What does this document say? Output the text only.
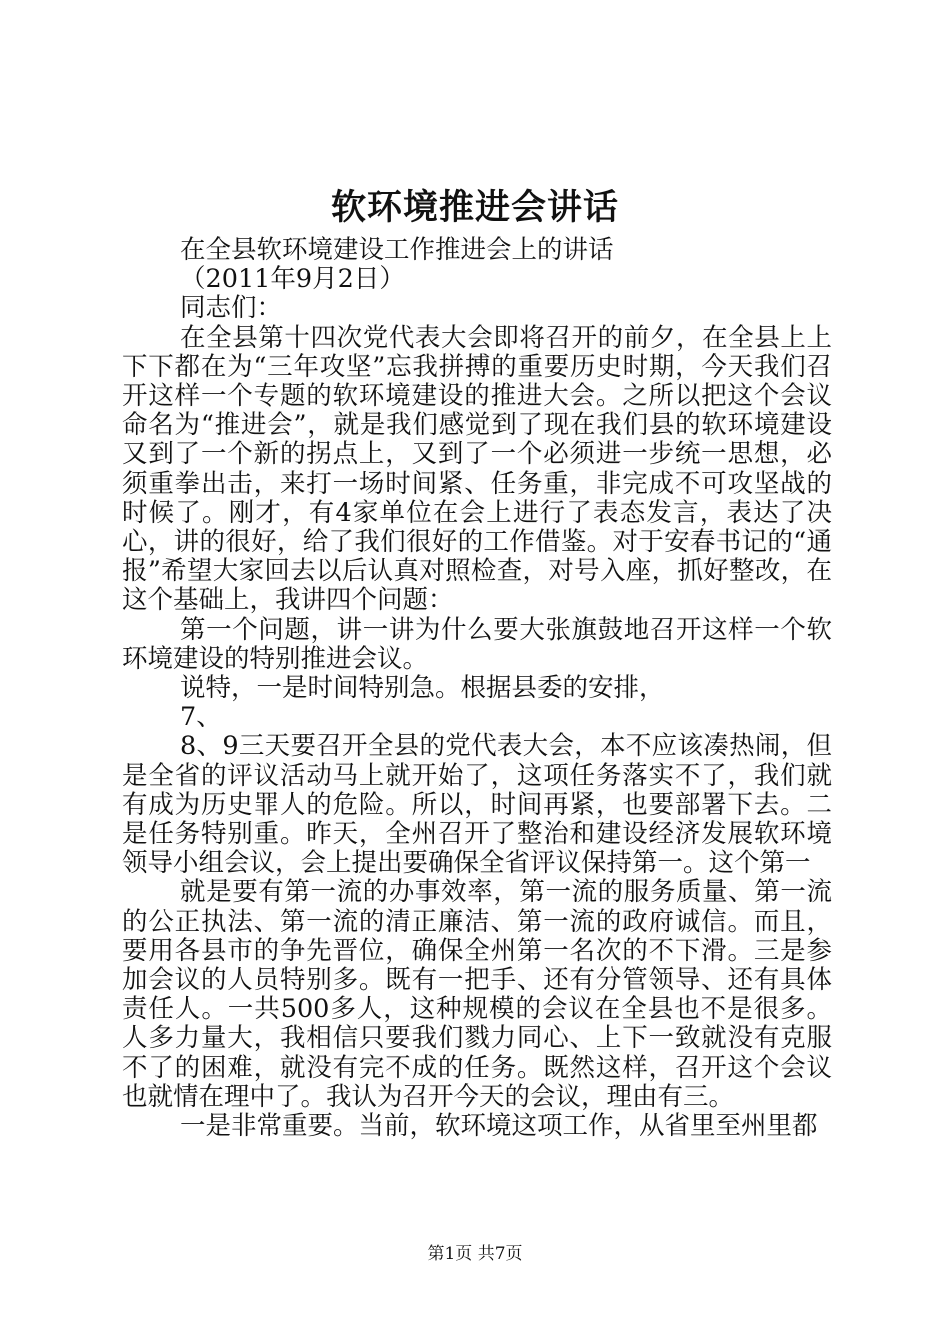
软环境推进会讲话

在全县软环境建设工作推进会上的讲话

（2011年9月2日）

同志们：

在全县第十四次党代表大会即将召开的前夕，在全县上上下下都在为“三年攻坚”忘我拼搏的重要历史时期，今天我们召开这样一个专题的软环境建设的推进大会。之所以把这个会议命名为“推进会”，就是我们感觉到了现在我们县的软环境建设又到了一个新的拐点上，又到了一个必须进一步统一思想，必须重拳出击，来打一场时间紧、任务重，非完成不可攻坚战的时候了。刚才，有4家单位在会上进行了表态发言，表达了决心，讲的很好，给了我们很好的工作借鉴。对于安春书记的“通报”希望大家回去以后认真对照检查，对号入座，抓好整改，在这个基础上，我讲四个问题：

第一个问题，讲一讲为什么要大张旗鼓地召开这样一个软环境建设的特别推进会议。

说特，一是时间特别急。根据县委的安排，

7、

8、9三天要召开全县的党代表大会，本不应该凑热闹，但是全省的评议活动马上就开始了，这项任务落实不了，我们就有成为历史罪人的危险。所以，时间再紧，也要部署下去。二是任务特别重。昨天，全州召开了整治和建设经济发展软环境领导小组会议，会上提出要确保全省评议保持第一。这个第一

就是要有第一流的办事效率，第一流的服务质量、第一流的公正执法、第一流的清正廉洁、第一流的政府诚信。而且，要用各县市的争先晋位，确保全州第一名次的不下滑。三是参加会议的人员特别多。既有一把手、还有分管领导、还有具体责任人。一共500多人，这种规模的会议在全县也不是很多。人多力量大，我相信只要我们戮力同心、上下一致就没有克服不了的困难，就没有完不成的任务。既然这样，召开这个会议也就情在理中了。我认为召开今天的会议，理由有三。

一是非常重要。当前，软环境这项工作，从省里至州里都

第1页 共7页
